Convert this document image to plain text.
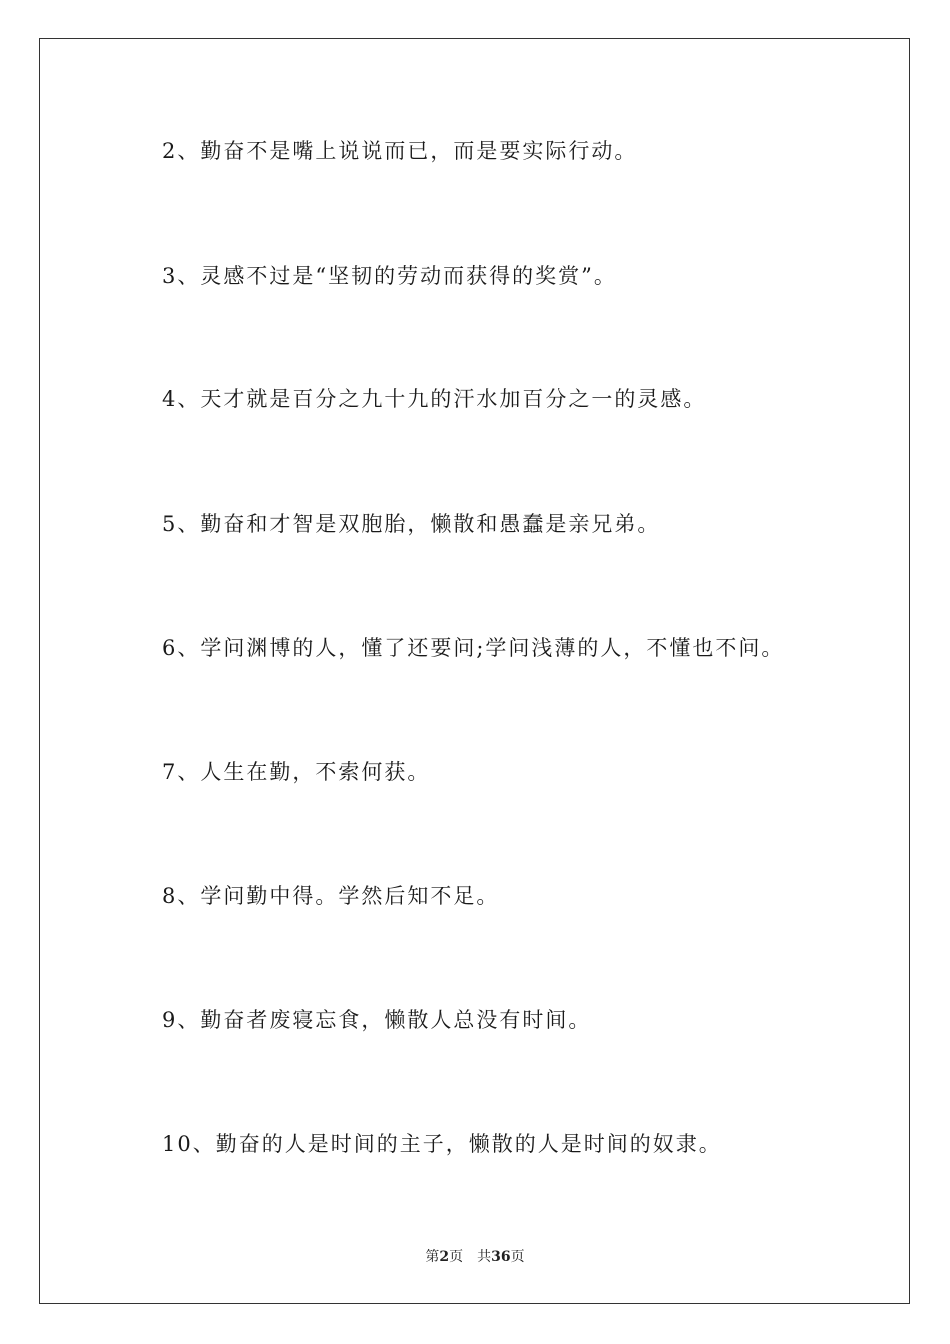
2、勤奋不是嘴上说说而已，而是要实际行动。
3、灵感不过是“坚韧的劳动而获得的奖赏”。
4、天才就是百分之九十九的汗水加百分之一的灵感。
5、勤奋和才智是双胞胎，懒散和愚蠢是亲兄弟。
6、学问渊博的人，懂了还要问;学问浅薄的人，不懂也不问。
7、人生在勤，不索何获。
8、学问勤中得。学然后知不足。
9、勤奋者废寝忘食，懒散人总没有时间。
10、勤奋的人是时间的主子，懒散的人是时间的奴隶。
第2页 共36页
